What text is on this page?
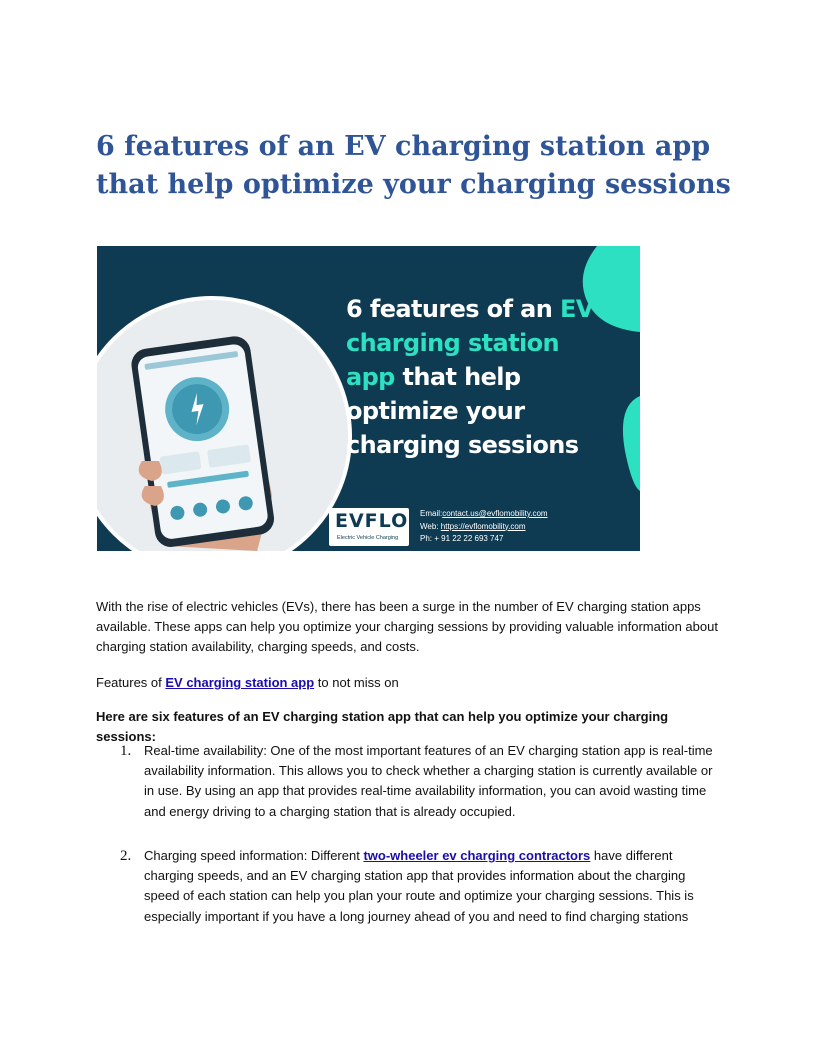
6 features of an EV charging station app that help optimize your charging sessions
6 features of an EV charging station app that help optimize your charging sessions
EVFLO
Electric Vehicle Charging
Email:contact.us@evflomobility.com
Web: https://evflomobility.com
Ph: + 91 22 22 693 747

With the rise of electric vehicles (EVs), there has been a surge in the number of EV charging station apps available. These apps can help you optimize your charging sessions by providing valuable information about charging station availability, charging speeds, and costs.

Features of EV charging station app to not miss on

Here are six features of an EV charging station app that can help you optimize your charging sessions:

1. Real-time availability: One of the most important features of an EV charging station app is real-time availability information. This allows you to check whether a charging station is currently available or in use. By using an app that provides real-time availability information, you can avoid wasting time and energy driving to a charging station that is already occupied.
2. Charging speed information: Different two-wheeler ev charging contractors have different charging speeds, and an EV charging station app that provides information about the charging speed of each station can help you plan your route and optimize your charging sessions. This is especially important if you have a long journey ahead of you and need to find charging stations
